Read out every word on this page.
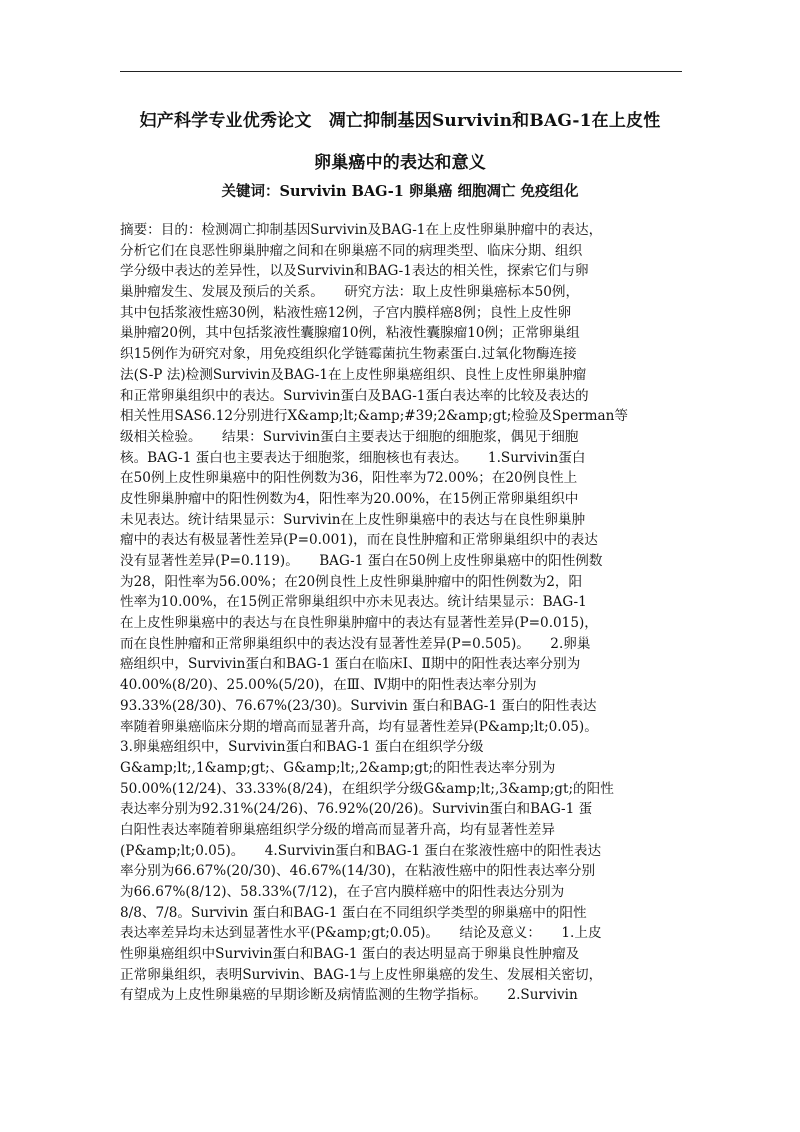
妇产科学专业优秀论文　凋亡抑制基因Survivin和BAG-1在上皮性
卵巢癌中的表达和意义
关键词：Survivin BAG-1 卵巢癌 细胞凋亡 免疫组化
摘要：目的：检测凋亡抑制基因Survivin及BAG-1在上皮性卵巢肿瘤中的表达，
分析它们在良恶性卵巢肿瘤之间和在卵巢癌不同的病理类型、临床分期、组织
学分级中表达的差异性，以及Survivin和BAG-1表达的相关性，探索它们与卵
巢肿瘤发生、发展及预后的关系。　　研究方法：取上皮性卵巢癌标本50例，
其中包括浆液性癌30例，粘液性癌12例，子宫内膜样癌8例；良性上皮性卵
巢肿瘤20例，其中包括浆液性囊腺瘤10例，粘液性囊腺瘤10例；正常卵巢组
织15例作为研究对象，用免疫组织化学链霉菌抗生物素蛋白.过氧化物酶连接
法(S-P 法)检测Survivin及BAG-1在上皮性卵巢癌组织、良性上皮性卵巢肿瘤
和正常卵巢组织中的表达。Survivin蛋白及BAG-1蛋白表达率的比较及表达的
相关性用SAS6.12分别进行X&amp;lt;&amp;#39;2&amp;gt;检验及Sperman等
级相关检验。　　结果：Survivin蛋白主要表达于细胞的细胞浆，偶见于细胞
核。BAG-1 蛋白也主要表达于细胞浆，细胞核也有表达。　　1.Survivin蛋白
在50例上皮性卵巢癌中的阳性例数为36，阳性率为72.00%；在20例良性上
皮性卵巢肿瘤中的阳性例数为4，阳性率为20.00%，在15例正常卵巢组织中
未见表达。统计结果显示：Survivin在上皮性卵巢癌中的表达与在良性卵巢肿
瘤中的表达有极显著性差异(P=0.001)，而在良性肿瘤和正常卵巢组织中的表达
没有显著性差异(P=0.119)。　　BAG-1 蛋白在50例上皮性卵巢癌中的阳性例数
为28，阳性率为56.00%；在20例良性上皮性卵巢肿瘤中的阳性例数为2，阳
性率为10.00%，在15例正常卵巢组织中亦未见表达。统计结果显示：BAG-1
在上皮性卵巢癌中的表达与在良性卵巢肿瘤中的表达有显著性差异(P=0.015)，
而在良性肿瘤和正常卵巢组织中的表达没有显著性差异(P=0.505)。　　2.卵巢
癌组织中，Survivin蛋白和BAG-1 蛋白在临床Ⅰ、Ⅱ期中的阳性表达率分别为
40.00%(8/20)、25.00%(5/20)，在Ⅲ、Ⅳ期中的阳性表达率分别为
93.33%(28/30)、76.67%(23/30)。Survivin 蛋白和BAG-1 蛋白的阳性表达
率随着卵巢癌临床分期的增高而显著升高，均有显著性差异(P&amp;lt;0.05)。
3.卵巢癌组织中，Survivin蛋白和BAG-1 蛋白在组织学分级
G&amp;lt;,1&amp;gt;、G&amp;lt;,2&amp;gt;的阳性表达率分别为
50.00%(12/24)、33.33%(8/24)，在组织学分级G&amp;lt;,3&amp;gt;的阳性
表达率分别为92.31%(24/26)、76.92%(20/26)。Survivin蛋白和BAG-1 蛋
白阳性表达率随着卵巢癌组织学分级的增高而显著升高，均有显著性差异
(P&amp;lt;0.05)。　　4.Survivin蛋白和BAG-1 蛋白在浆液性癌中的阳性表达
率分别为66.67%(20/30)、46.67%(14/30)，在粘液性癌中的阳性表达率分别
为66.67%(8/12)、58.33%(7/12)，在子宫内膜样癌中的阳性表达分别为
8/8、7/8。Survivin 蛋白和BAG-1 蛋白在不同组织学类型的卵巢癌中的阳性
表达率差异均未达到显著性水平(P&amp;gt;0.05)。　　结论及意义：　　1.上皮
性卵巢癌组织中Survivin蛋白和BAG-1 蛋白的表达明显高于卵巢良性肿瘤及
正常卵巢组织，表明Survivin、BAG-1与上皮性卵巢癌的发生、发展相关密切，
有望成为上皮性卵巢癌的早期诊断及病情监测的生物学指标。　　2.Survivin
